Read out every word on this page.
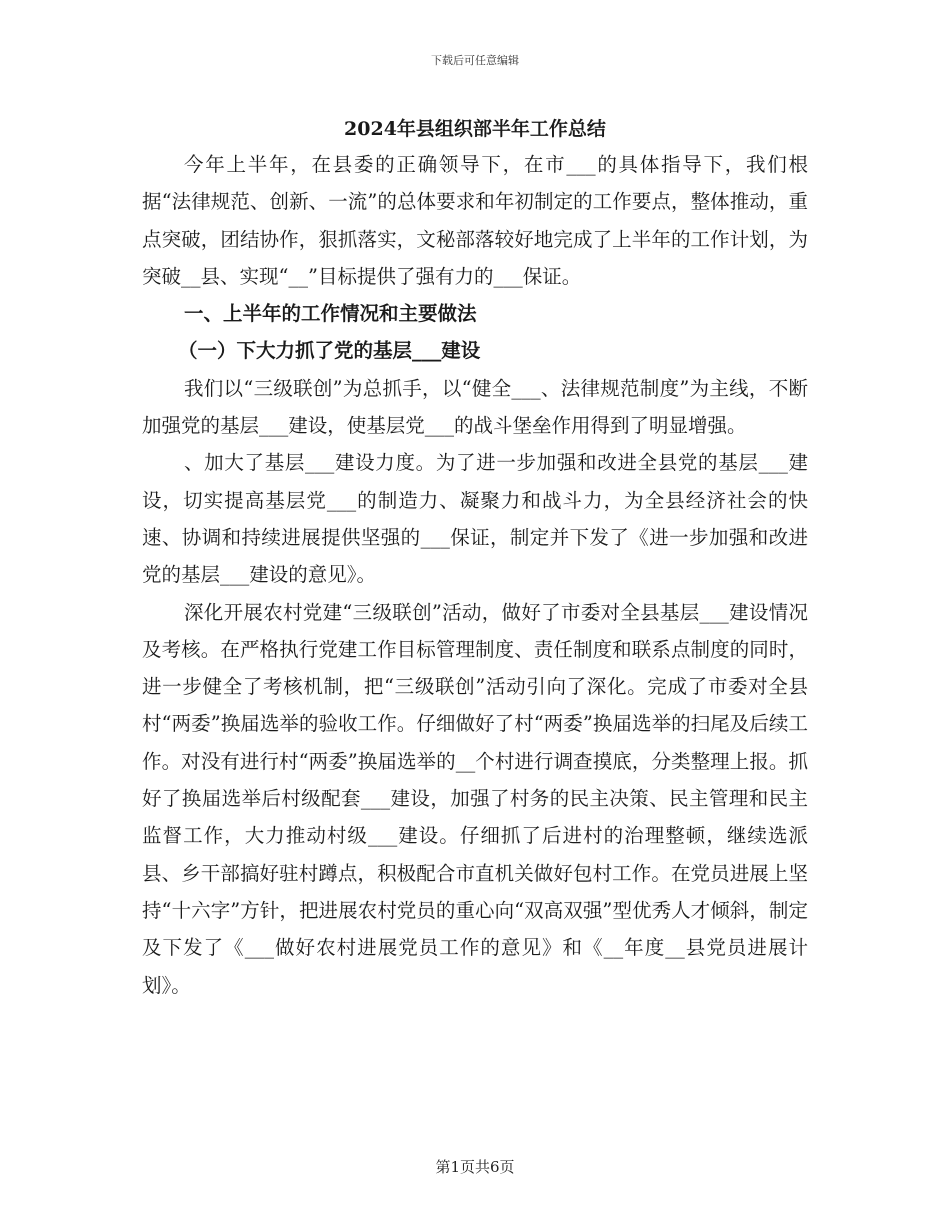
下载后可任意编辑
2024年县组织部半年工作总结

今年上半年，在县委的正确领导下，在市___的具体指导下，我们根据“法律规范、创新、一流”的总体要求和年初制定的工作要点，整体推动，重点突破，团结协作，狠抓落实，文秘部落较好地完成了上半年的工作计划，为突破__县、实现“__”目标提供了强有力的___保证。

一、上半年的工作情况和主要做法
（一）下大力抓了党的基层___建设

我们以“三级联创”为总抓手，以“健全___、法律规范制度”为主线，不断加强党的基层___建设，使基层党___的战斗堡垒作用得到了明显增强。

、加大了基层___建设力度。为了进一步加强和改进全县党的基层___建设，切实提高基层党___的制造力、凝聚力和战斗力，为全县经济社会的快速、协调和持续进展提供坚强的___保证，制定并下发了《进一步加强和改进党的基层___建设的意见》。

深化开展农村党建“三级联创”活动，做好了市委对全县基层___建设情况及考核。在严格执行党建工作目标管理制度、责任制度和联系点制度的同时，进一步健全了考核机制，把“三级联创”活动引向了深化。完成了市委对全县村“两委”换届选举的验收工作。仔细做好了村“两委”换届选举的扫尾及后续工作。对没有进行村“两委”换届选举的__个村进行调查摸底，分类整理上报。抓好了换届选举后村级配套___建设，加强了村务的民主决策、民主管理和民主监督工作，大力推动村级___建设。仔细抓了后进村的治理整顿，继续选派县、乡干部搞好驻村蹲点，积极配合市直机关做好包村工作。在党员进展上坚持“十六字”方针，把进展农村党员的重心向“双高双强”型优秀人才倾斜，制定及下发了《___做好农村进展党员工作的意见》和《__年度__县党员进展计划》。

第1页共6页
